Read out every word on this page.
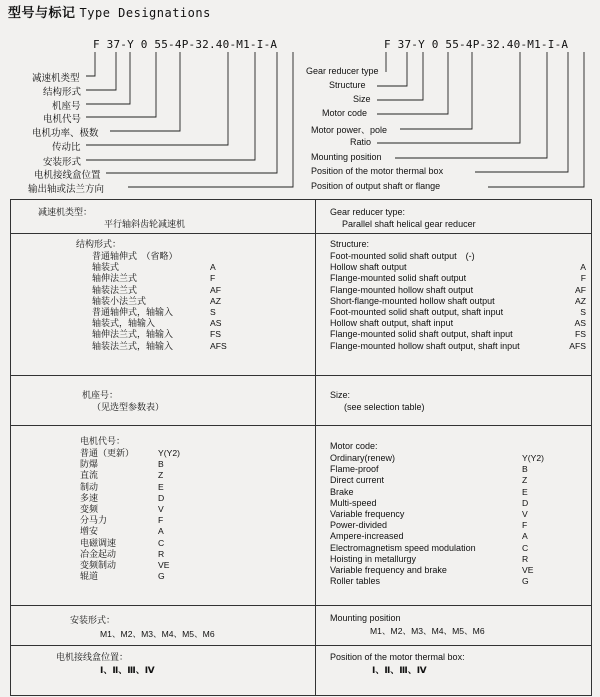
型号与标记 Type Designations
F 37-Y 0 55-4P-32.40-M1-I-A	F 37-Y 0 55-4P-32.40-M1-I-A
减速机类型
结构形式
机座号
电机代号
电机功率、极数
传动比
安装形式
电机接线盒位置
输出轴或法兰方向
Gear reducer type
Structure
Size
Motor code
Motor power、pole
Ratio
Mounting position
Position of the motor thermal box
Position of output shaft or flange
减速机类型：
平行轴斜齿轮减速机
Gear reducer type:
Parallel shaft helical gear reducer
结构形式：
普通轴伸式　（省略）
轴装式
轴伸法兰式
轴装法兰式
轴装小法兰式
普通轴伸式，轴输入
轴装式，轴输入
轴伸法兰式，轴输入
轴装法兰式，轴输入

A
F
AF
AZ
S
AS
FS
AFS
Structure:
Foot-mounted solid shaft output　(-)
Hollow shaft output
Flange-mounted solid shaft output
Flange-mounted hollow shaft output
Short-flange-mounted hollow shaft output
Foot-mounted solid shaft output, shaft input
Hollow shaft output, shaft input
Flange-mounted solid shaft output, shaft input
Flange-mounted hollow shaft output, shaft input

A
F
AF
AZ
S
AS
FS
AFS
机座号：
（见选型参数表）
Size:
(see selection table)
电机代号：
普通（更新）
防爆
直流
制动
多速
变频
分马力
增安
电磁调速
冶金起动
变频制动
辊道
Y(Y2)
B
Z
E
D
V
F
A
C
R
VE
G
Motor code:
Ordinary(renew)
Flame-proof
Direct current
Brake
Multi-speed
Variable frequency
Power-divided
Ampere-increased
Electromagnetism speed modulation
Hoisting in metallurgy
Variable frequency and brake
Roller tables
Y(Y2)
B
Z
E
D
V
F
A
C
R
VE
G
安装形式：
M1、M2、M3、M4、M5、M6
Mounting position
M1、M2、M3、M4、M5、M6
电机接线盒位置：
Ⅰ、Ⅱ、Ⅲ、Ⅳ
Position of the motor thermal box:
Ⅰ、Ⅱ、Ⅲ、Ⅳ
